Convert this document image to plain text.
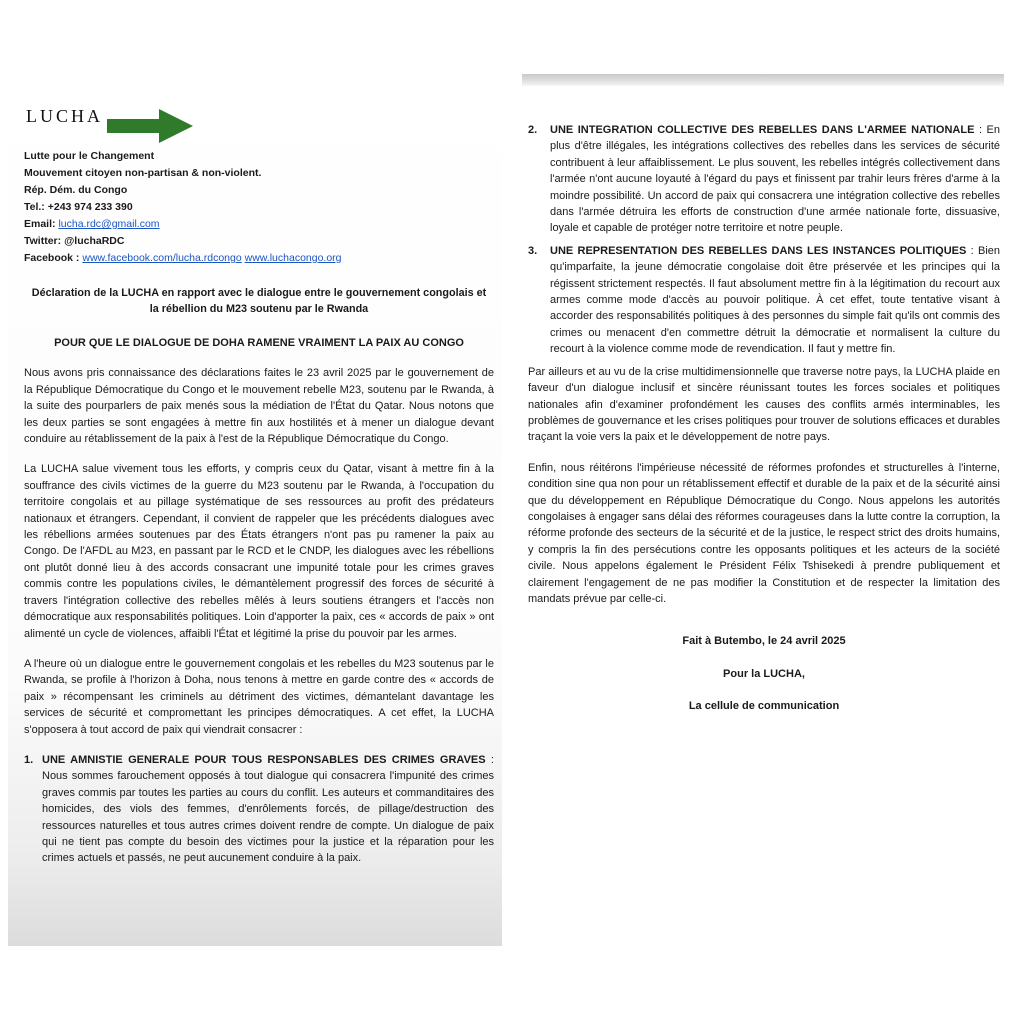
LUCHA
Lutte pour le Changement
Mouvement citoyen non-partisan & non-violent.
Rép. Dém. du Congo
Tel.: +243 974 233 390
Email: lucha.rdc@gmail.com
Twitter: @luchaRDC
Facebook : www.facebook.com/lucha.rdcongo www.luchacongo.org
Déclaration de la LUCHA en rapport avec le dialogue entre le gouvernement congolais et la rébellion du M23 soutenu par le Rwanda
POUR QUE LE DIALOGUE DE DOHA RAMENE VRAIMENT LA PAIX AU CONGO

Nous avons pris connaissance des déclarations faites le 23 avril 2025 par le gouvernement de la République Démocratique du Congo et le mouvement rebelle M23, soutenu par le Rwanda, à la suite des pourparlers de paix menés sous la médiation de l'État du Qatar. Nous notons que les deux parties se sont engagées à mettre fin aux hostilités et à mener un dialogue devant conduire au rétablissement de la paix à l'est de la République Démocratique du Congo.

La LUCHA salue vivement tous les efforts, y compris ceux du Qatar, visant à mettre fin à la souffrance des civils victimes de la guerre du M23 soutenu par le Rwanda, à l'occupation du territoire congolais et au pillage systématique de ses ressources au profit des prédateurs nationaux et étrangers. Cependant, il convient de rappeler que les précédents dialogues avec les rébellions armées soutenues par des États étrangers n'ont pas pu ramener la paix au Congo. De l'AFDL au M23, en passant par le RCD et le CNDP, les dialogues avec les rébellions ont plutôt donné lieu à des accords consacrant une impunité totale pour les crimes graves commis contre les populations civiles, le démantèlement progressif des forces de sécurité à travers l'intégration collective des rebelles mêlés à leurs soutiens étrangers et l'accès non démocratique aux responsabilités politiques. Loin d'apporter la paix, ces « accords de paix » ont alimenté un cycle de violences, affaibli l'État et légitimé la prise du pouvoir par les armes.

A l'heure où un dialogue entre le gouvernement congolais et les rebelles du M23 soutenus par le Rwanda, se profile à l'horizon à Doha, nous tenons à mettre en garde contre des « accords de paix » récompensant les criminels au détriment des victimes, démantelant davantage les services de sécurité et compromettant les principes démocratiques. A cet effet, la LUCHA s'opposera à tout accord de paix qui viendrait consacrer :

1. UNE AMNISTIE GENERALE POUR TOUS RESPONSABLES DES CRIMES GRAVES : Nous sommes farouchement opposés à tout dialogue qui consacrera l'impunité des crimes graves commis par toutes les parties au cours du conflit. Les auteurs et commanditaires des homicides, des viols des femmes, d'enrôlements forcés, de pillage/destruction des ressources naturelles et tous autres crimes doivent rendre de compte. Un dialogue de paix qui ne tient pas compte du besoin des victimes pour la justice et la réparation pour les crimes actuels et passés, ne peut aucunement conduire à la paix.
2.	UNE INTEGRATION COLLECTIVE DES REBELLES DANS L'ARMEE NATIONALE : En plus d'être illégales, les intégrations collectives des rebelles dans les services de sécurité contribuent à leur affaiblissement. Le plus souvent, les rebelles intégrés collectivement dans l'armée n'ont aucune loyauté à l'égard du pays et finissent par trahir leurs frères d'arme à la moindre possibilité. Un accord de paix qui consacrera une intégration collective des rebelles dans l'armée détruira les efforts de construction d'une armée nationale forte, dissuasive, loyale et capable de protéger notre territoire et notre peuple.
3.	UNE REPRESENTATION DES REBELLES DANS LES INSTANCES POLITIQUES : Bien qu'imparfaite, la jeune démocratie congolaise doit être préservée et les principes qui la régissent strictement respectés. Il faut absolument mettre fin à la légitimation du recourt aux armes comme mode d'accès au pouvoir politique. À cet effet, toute tentative visant à accorder des responsabilités politiques à des personnes du simple fait qu'ils ont commis des crimes ou menacent d'en commettre détruit la démocratie et normalisent la culture du recourt à la violence comme mode de revendication. Il faut y mettre fin.

Par ailleurs et au vu de la crise multidimensionnelle que traverse notre pays, la LUCHA plaide en faveur d'un dialogue inclusif et sincère réunissant toutes les forces sociales et politiques nationales afin d'examiner profondément les causes des conflits armés interminables, les problèmes de gouvernance et les crises politiques pour trouver de solutions efficaces et durables traçant la voie vers la paix et le développement de notre pays.

Enfin, nous réitérons l'impérieuse nécessité de réformes profondes et structurelles à l'interne, condition sine qua non pour un rétablissement effectif et durable de la paix et de la sécurité ainsi que du développement en République Démocratique du Congo. Nous appelons les autorités congolaises à engager sans délai des réformes courageuses dans la lutte contre la corruption, la réforme profonde des secteurs de la sécurité et de la justice, le respect strict des droits humains, y compris la fin des persécutions contre les opposants politiques et les acteurs de la société civile. Nous appelons également le Président Félix Tshisekedi à prendre publiquement et clairement l'engagement de ne pas modifier la Constitution et de respecter la limitation des mandats prévue par celle-ci.

Fait à Butembo, le 24 avril 2025
Pour la LUCHA,
La cellule de communication
